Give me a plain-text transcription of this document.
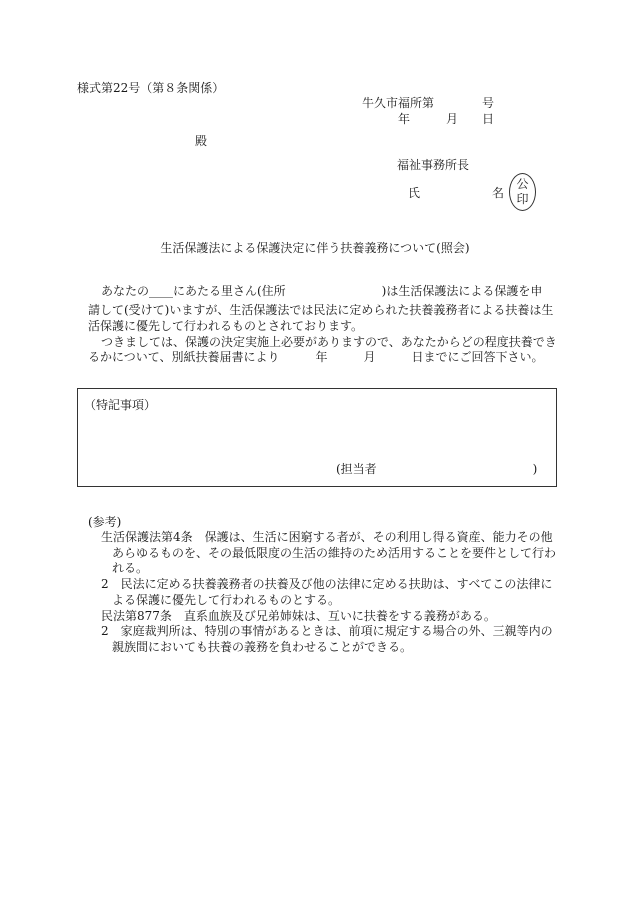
様式第22号（第８条関係）
牛久市福所第　　　　号
年　　　月　　日
殿
福祉事務所長
氏　　　　　　名
公
印
生活保護法による保護決定に伴う扶養義務について(照会)
あなたの____にあたる里さん(住所　　　　　　　　)は生活保護法による保護を申
請して(受けて)いますが、生活保護法では民法に定められた扶養義務者による扶養は生
活保護に優先して行われるものとされております。
つきましては、保護の決定実施上必要がありますので、あなたからどの程度扶養でき
るかについて、別紙扶養届書により　　　年　　　月　　　日までにご回答下さい。
（特記事項）
(担当者　　　　　　　　　　　　　)
(参考)
生活保護法第4条　保護は、生活に困窮する者が、その利用し得る資産、能力その他
あらゆるものを、その最低限度の生活の維持のため活用することを要件として行わ
れる。
2　民法に定める扶養義務者の扶養及び他の法律に定める扶助は、すべてこの法律に
よる保護に優先して行われるものとする。
民法第877条　直系血族及び兄弟姉妹は、互いに扶養をする義務がある。
2　家庭裁判所は、特別の事情があるときは、前項に規定する場合の外、三親等内の
親族間においても扶養の義務を負わせることができる。
